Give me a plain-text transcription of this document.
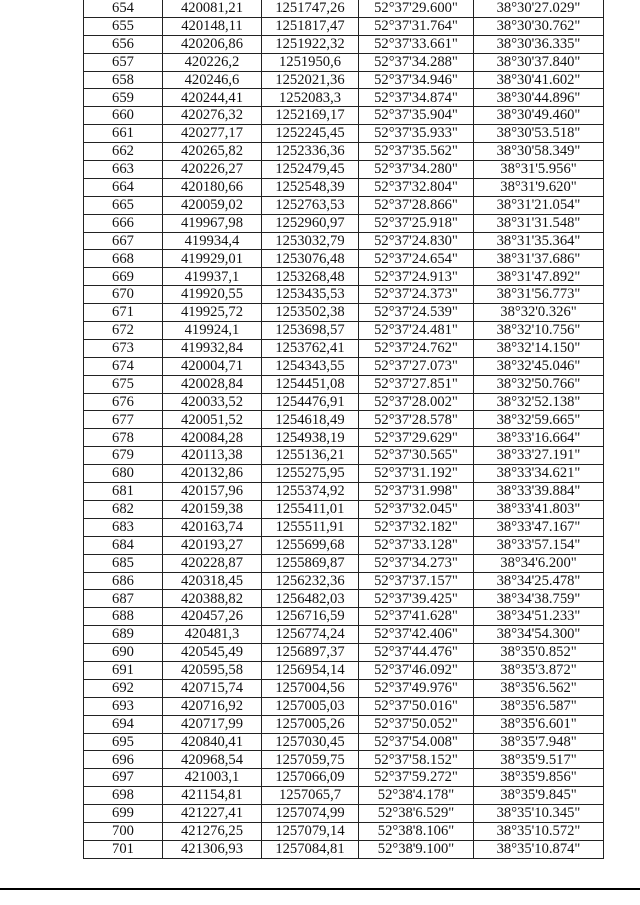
654	420081,21	1251747,26	52°37'29.600"	38°30'27.029"
655	420148,11	1251817,47	52°37'31.764"	38°30'30.762"
656	420206,86	1251922,32	52°37'33.661"	38°30'36.335"
657	420226,2	1251950,6	52°37'34.288"	38°30'37.840"
658	420246,6	1252021,36	52°37'34.946"	38°30'41.602"
659	420244,41	1252083,3	52°37'34.874"	38°30'44.896"
660	420276,32	1252169,17	52°37'35.904"	38°30'49.460"
661	420277,17	1252245,45	52°37'35.933"	38°30'53.518"
662	420265,82	1252336,36	52°37'35.562"	38°30'58.349"
663	420226,27	1252479,45	52°37'34.280"	38°31'5.956"
664	420180,66	1252548,39	52°37'32.804"	38°31'9.620"
665	420059,02	1252763,53	52°37'28.866"	38°31'21.054"
666	419967,98	1252960,97	52°37'25.918"	38°31'31.548"
667	419934,4	1253032,79	52°37'24.830"	38°31'35.364"
668	419929,01	1253076,48	52°37'24.654"	38°31'37.686"
669	419937,1	1253268,48	52°37'24.913"	38°31'47.892"
670	419920,55	1253435,53	52°37'24.373"	38°31'56.773"
671	419925,72	1253502,38	52°37'24.539"	38°32'0.326"
672	419924,1	1253698,57	52°37'24.481"	38°32'10.756"
673	419932,84	1253762,41	52°37'24.762"	38°32'14.150"
674	420004,71	1254343,55	52°37'27.073"	38°32'45.046"
675	420028,84	1254451,08	52°37'27.851"	38°32'50.766"
676	420033,52	1254476,91	52°37'28.002"	38°32'52.138"
677	420051,52	1254618,49	52°37'28.578"	38°32'59.665"
678	420084,28	1254938,19	52°37'29.629"	38°33'16.664"
679	420113,38	1255136,21	52°37'30.565"	38°33'27.191"
680	420132,86	1255275,95	52°37'31.192"	38°33'34.621"
681	420157,96	1255374,92	52°37'31.998"	38°33'39.884"
682	420159,38	1255411,01	52°37'32.045"	38°33'41.803"
683	420163,74	1255511,91	52°37'32.182"	38°33'47.167"
684	420193,27	1255699,68	52°37'33.128"	38°33'57.154"
685	420228,87	1255869,87	52°37'34.273"	38°34'6.200"
686	420318,45	1256232,36	52°37'37.157"	38°34'25.478"
687	420388,82	1256482,03	52°37'39.425"	38°34'38.759"
688	420457,26	1256716,59	52°37'41.628"	38°34'51.233"
689	420481,3	1256774,24	52°37'42.406"	38°34'54.300"
690	420545,49	1256897,37	52°37'44.476"	38°35'0.852"
691	420595,58	1256954,14	52°37'46.092"	38°35'3.872"
692	420715,74	1257004,56	52°37'49.976"	38°35'6.562"
693	420716,92	1257005,03	52°37'50.016"	38°35'6.587"
694	420717,99	1257005,26	52°37'50.052"	38°35'6.601"
695	420840,41	1257030,45	52°37'54.008"	38°35'7.948"
696	420968,54	1257059,75	52°37'58.152"	38°35'9.517"
697	421003,1	1257066,09	52°37'59.272"	38°35'9.856"
698	421154,81	1257065,7	52°38'4.178"	38°35'9.845"
699	421227,41	1257074,99	52°38'6.529"	38°35'10.345"
700	421276,25	1257079,14	52°38'8.106"	38°35'10.572"
701	421306,93	1257084,81	52°38'9.100"	38°35'10.874"
